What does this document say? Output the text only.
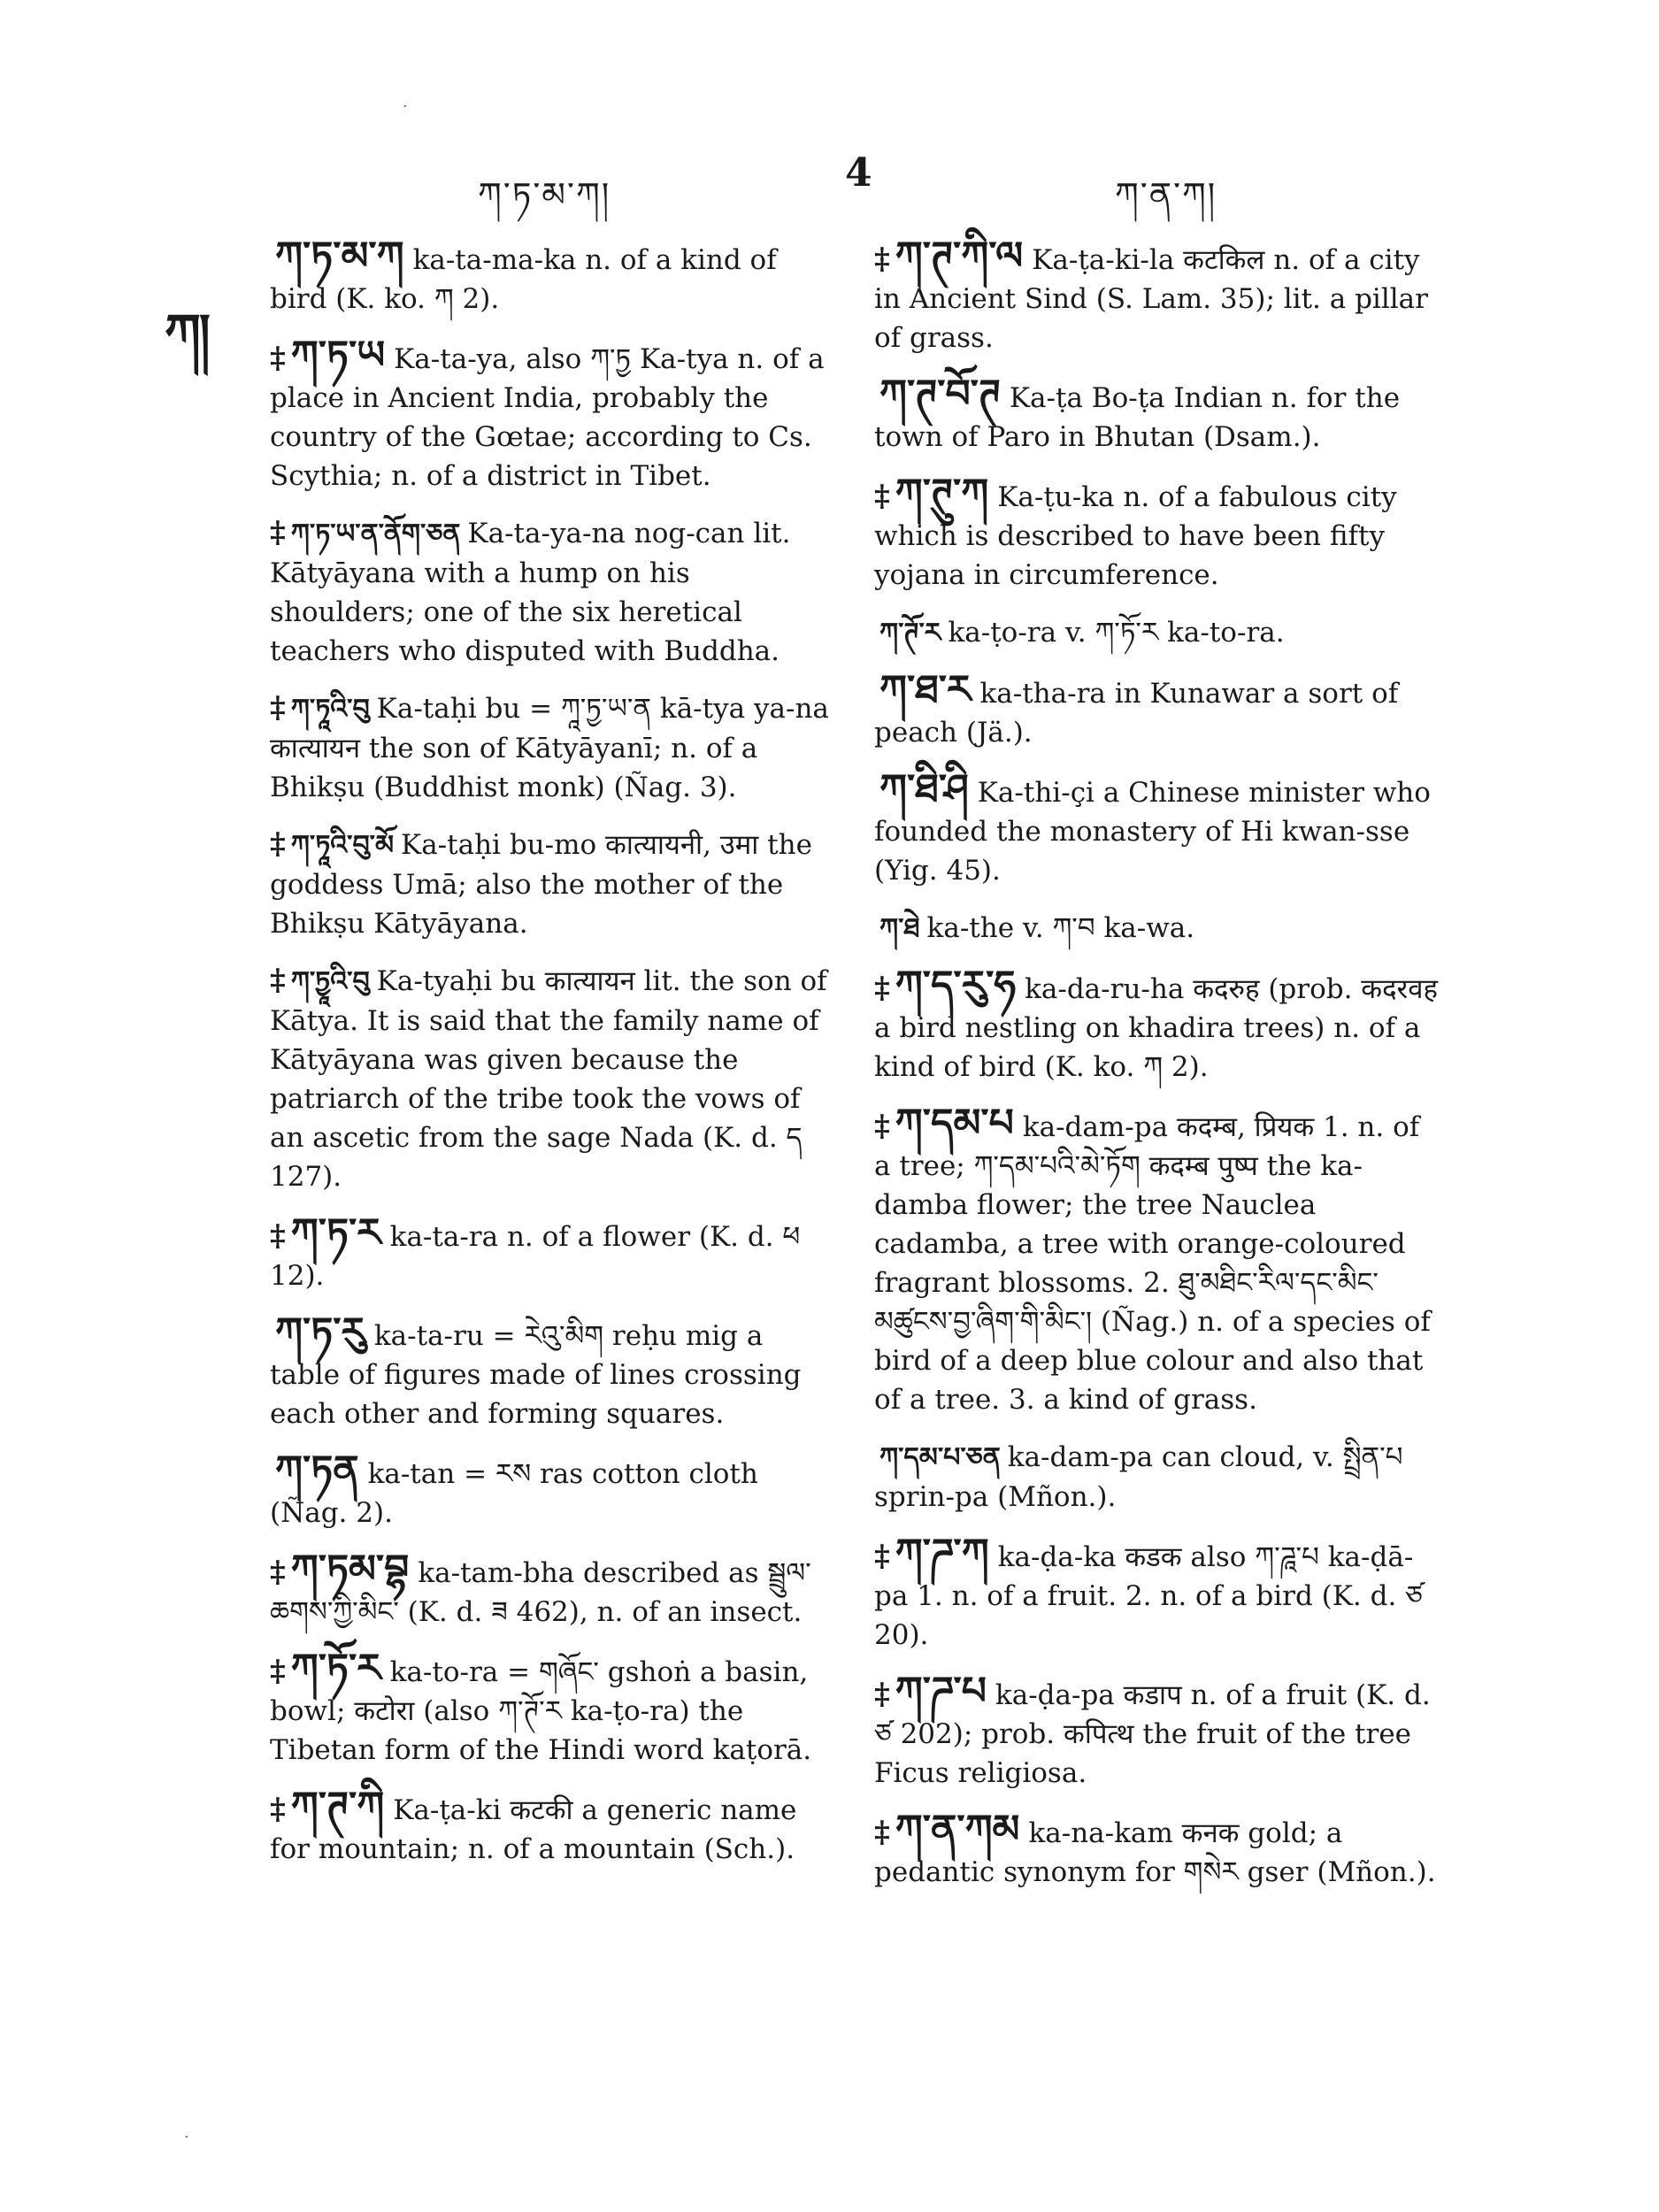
ཀ་ཏ་མ་ཀ།	4	ཀ་ན་ཀ།
ཀ།

ཀ་ཏ་མ་ཀ ka-ta-ma-ka n. of a kind of bird (K. ko. ཀ 2).

‡ ཀ་ཏ་ཡ Ka-ta-ya, also ཀ་ཏྱ Ka-tya n. of a place in Ancient India, probably the country of the Gœtae; according to Cs. Scythia; n. of a district in Tibet.

‡ ཀ་ཏ་ཡ་ན་ནོག་ཅན Ka-ta-ya-na nog-can lit. Kātyāyana with a hump on his shoulders; one of the six heretical teachers who disputed with Buddha.

‡ ཀ་ཏཱའི་བུ Ka-taḥi bu = ཀཱ་ཏྱ་ཡ་ན kā-tya ya-na कात्यायन the son of Kātyāyanī; n. of a Bhikṣu (Buddhist monk) (Ñag. 3).

‡ ཀ་ཏཱའི་བུ་མོ Ka-taḥi bu-mo कात्यायनी, उमा the goddess Umā; also the mother of the Bhikṣu Kātyāyana.

‡ ཀ་ཏྱཱའི་བུ Ka-tyaḥi bu कात्यायन lit. the son of Kātya. It is said that the family name of Kātyāyana was given because the patriarch of the tribe took the vows of an ascetic from the sage Nada (K. d. ད 127).

‡ ཀ་ཏ་ར ka-ta-ra n. of a flower (K. d. ཕ 12).

ཀ་ཏ་རུ ka-ta-ru = རེའུ་མིག reḥu mig a table of figures made of lines crossing each other and forming squares.

ཀ་ཏན ka-tan = རས ras cotton cloth (Ñag. 2).

‡ ཀ་ཏམ་བྷ ka-tam-bha described as སྦྲུལ་ཆགས་ཀྱི་མིང་ (K. d. ཟ 462), n. of an insect.

‡ ཀ་ཏོ་ར ka-to-ra = གཞོང་ gshoṅ a basin, bowl; कटोरा (also ཀ་ཊོ་ར ka-ṭo-ra) the Tibetan form of the Hindi word kaṭorā.

‡ ཀ་ཊ་ཀི Ka-ṭa-ki कटकी a generic name for mountain; n. of a mountain (Sch.).

‡ ཀ་ཊ་ཀི་ལ Ka-ṭa-ki-la कटकिल n. of a city in Ancient Sind (S. Lam. 35); lit. a pillar of grass.

ཀ་ཊ་བོ་ཊ Ka-ṭa Bo-ṭa Indian n. for the town of Paro in Bhutan (Dsam.).

‡ ཀ་ཊུ་ཀ Ka-ṭu-ka n. of a fabulous city which is described to have been fifty yojana in circumference.

ཀ་ཊོ་ར ka-ṭo-ra v. ཀ་ཏོ་ར ka-to-ra.

ཀ་ཐ་ར ka-tha-ra in Kunawar a sort of peach (Jä.).

ཀ་ཐི་ཤི Ka-thi-çi a Chinese minister who founded the monastery of Hi kwan-sse (Yig. 45).

ཀ་ཐེ ka-the v. ཀ་བ ka-wa.

‡ ཀ་ད་རུ་ཧ ka-da-ru-ha कदरुह (prob. कदरवह a bird nestling on khadira trees) n. of a kind of bird (K. ko. ཀ 2).

‡ ཀ་དམ་པ ka-dam-pa कदम्ब, प्रियक 1. n. of a tree; ཀ་དམ་པའི་མེ་ཏོག कदम्ब पुष्प the ka-damba flower; the tree Nauclea cadamba, a tree with orange-coloured fragrant blossoms. 2. ཐུ་མཐིང་རིལ་དང་མིང་མཚུངས་བྱ་ཞིག་གི་མིང་། (Ñag.) n. of a species of bird of a deep blue colour and also that of a tree. 3. a kind of grass.

ཀ་དམ་པ་ཅན ka-dam-pa can cloud, v. སྤྲིན་པ sprin-pa (Mñon.).

‡ ཀ་ཌ་ཀ ka-ḍa-ka कडक also ཀ་ཌཱ་པ ka-ḍā-pa 1. n. of a fruit. 2. n. of a bird (K. d. ཙ 20).

‡ ཀ་ཌ་པ ka-ḍa-pa कडाप n. of a fruit (K. d. ཙ 202); prob. कपित्थ the fruit of the tree Ficus religiosa.

‡ ཀ་ན་ཀམ ka-na-kam कनक gold; a pedantic synonym for གསེར gser (Mñon.).

·
·
